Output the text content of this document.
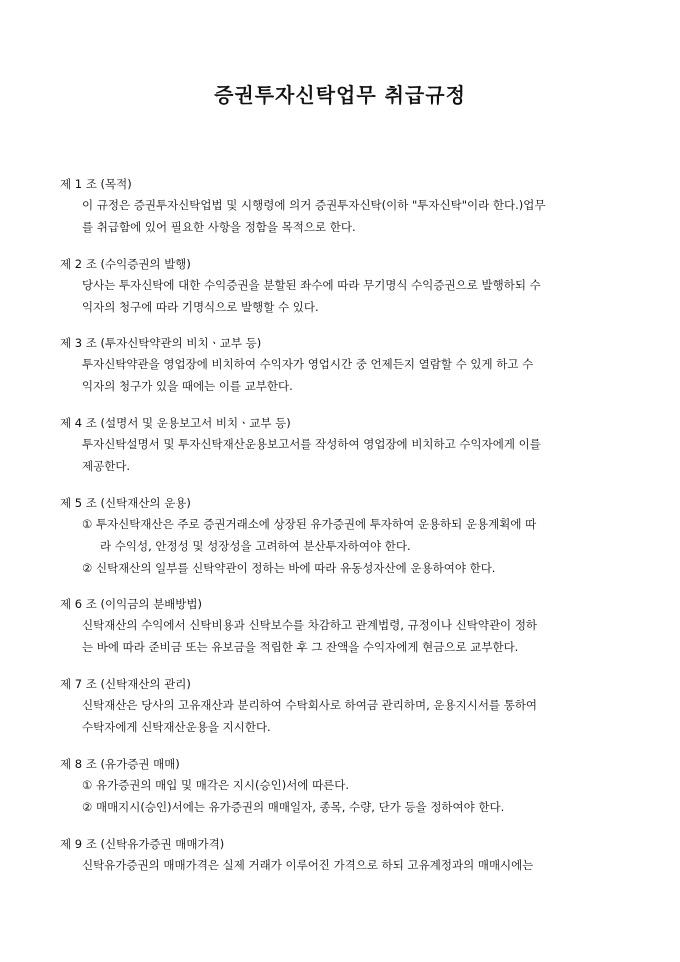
증권투자신탁업무 취급규정
제 1 조 (목적)
이 규정은 증권투자신탁업법 및 시행령에 의거 증권투자신탁(이하 "투자신탁"이라 한다.)업무
를 취급함에 있어 필요한 사항을 정함을 목적으로 한다.
제 2 조 (수익증권의 발행)
당사는 투자신탁에 대한 수익증권을 분할된 좌수에 따라 무기명식 수익증권으로 발행하되 수
익자의 청구에 따라 기명식으로 발행할 수 있다.
제 3 조 (투자신탁약관의 비치ㆍ교부 등)
투자신탁약관을 영업장에 비치하여 수익자가 영업시간 중 언제든지 열람할 수 있게 하고 수
익자의 청구가 있을 때에는 이를 교부한다.
제 4 조 (설명서 및 운용보고서 비치ㆍ교부 등)
투자신탁설명서 및 투자신탁재산운용보고서를 작성하여 영업장에 비치하고 수익자에게 이를
제공한다.
제 5 조 (신탁재산의 운용)
① 투자신탁재산은 주로 증권거래소에 상장된 유가증권에 투자하여 운용하되 운용계획에 따
라 수익성, 안정성 및 성장성을 고려하여 분산투자하여야 한다.
② 신탁재산의 일부를 신탁약관이 정하는 바에 따라 유동성자산에 운용하여야 한다.
제 6 조 (이익금의 분배방법)
신탁재산의 수익에서 신탁비용과 신탁보수를 차감하고 관계법령, 규정이나 신탁약관이 정하
는 바에 따라 준비금 또는 유보금을 적립한 후 그 잔액을 수익자에게 현금으로 교부한다.
제 7 조 (신탁재산의 관리)
신탁재산은 당사의 고유재산과 분리하여 수탁회사로 하여금 관리하며, 운용지시서를 통하여
수탁자에게 신탁재산운용을 지시한다.
제 8 조 (유가증권 매매)
① 유가증권의 매입 및 매각은 지시(승인)서에 따른다.
② 매매지시(승인)서에는 유가증권의 매매일자, 종목, 수량, 단가 등을 정하여야 한다.
제 9 조 (신탁유가증권 매매가격)
신탁유가증권의 매매가격은 실제 거래가 이루어진 가격으로 하되 고유계정과의 매매시에는
